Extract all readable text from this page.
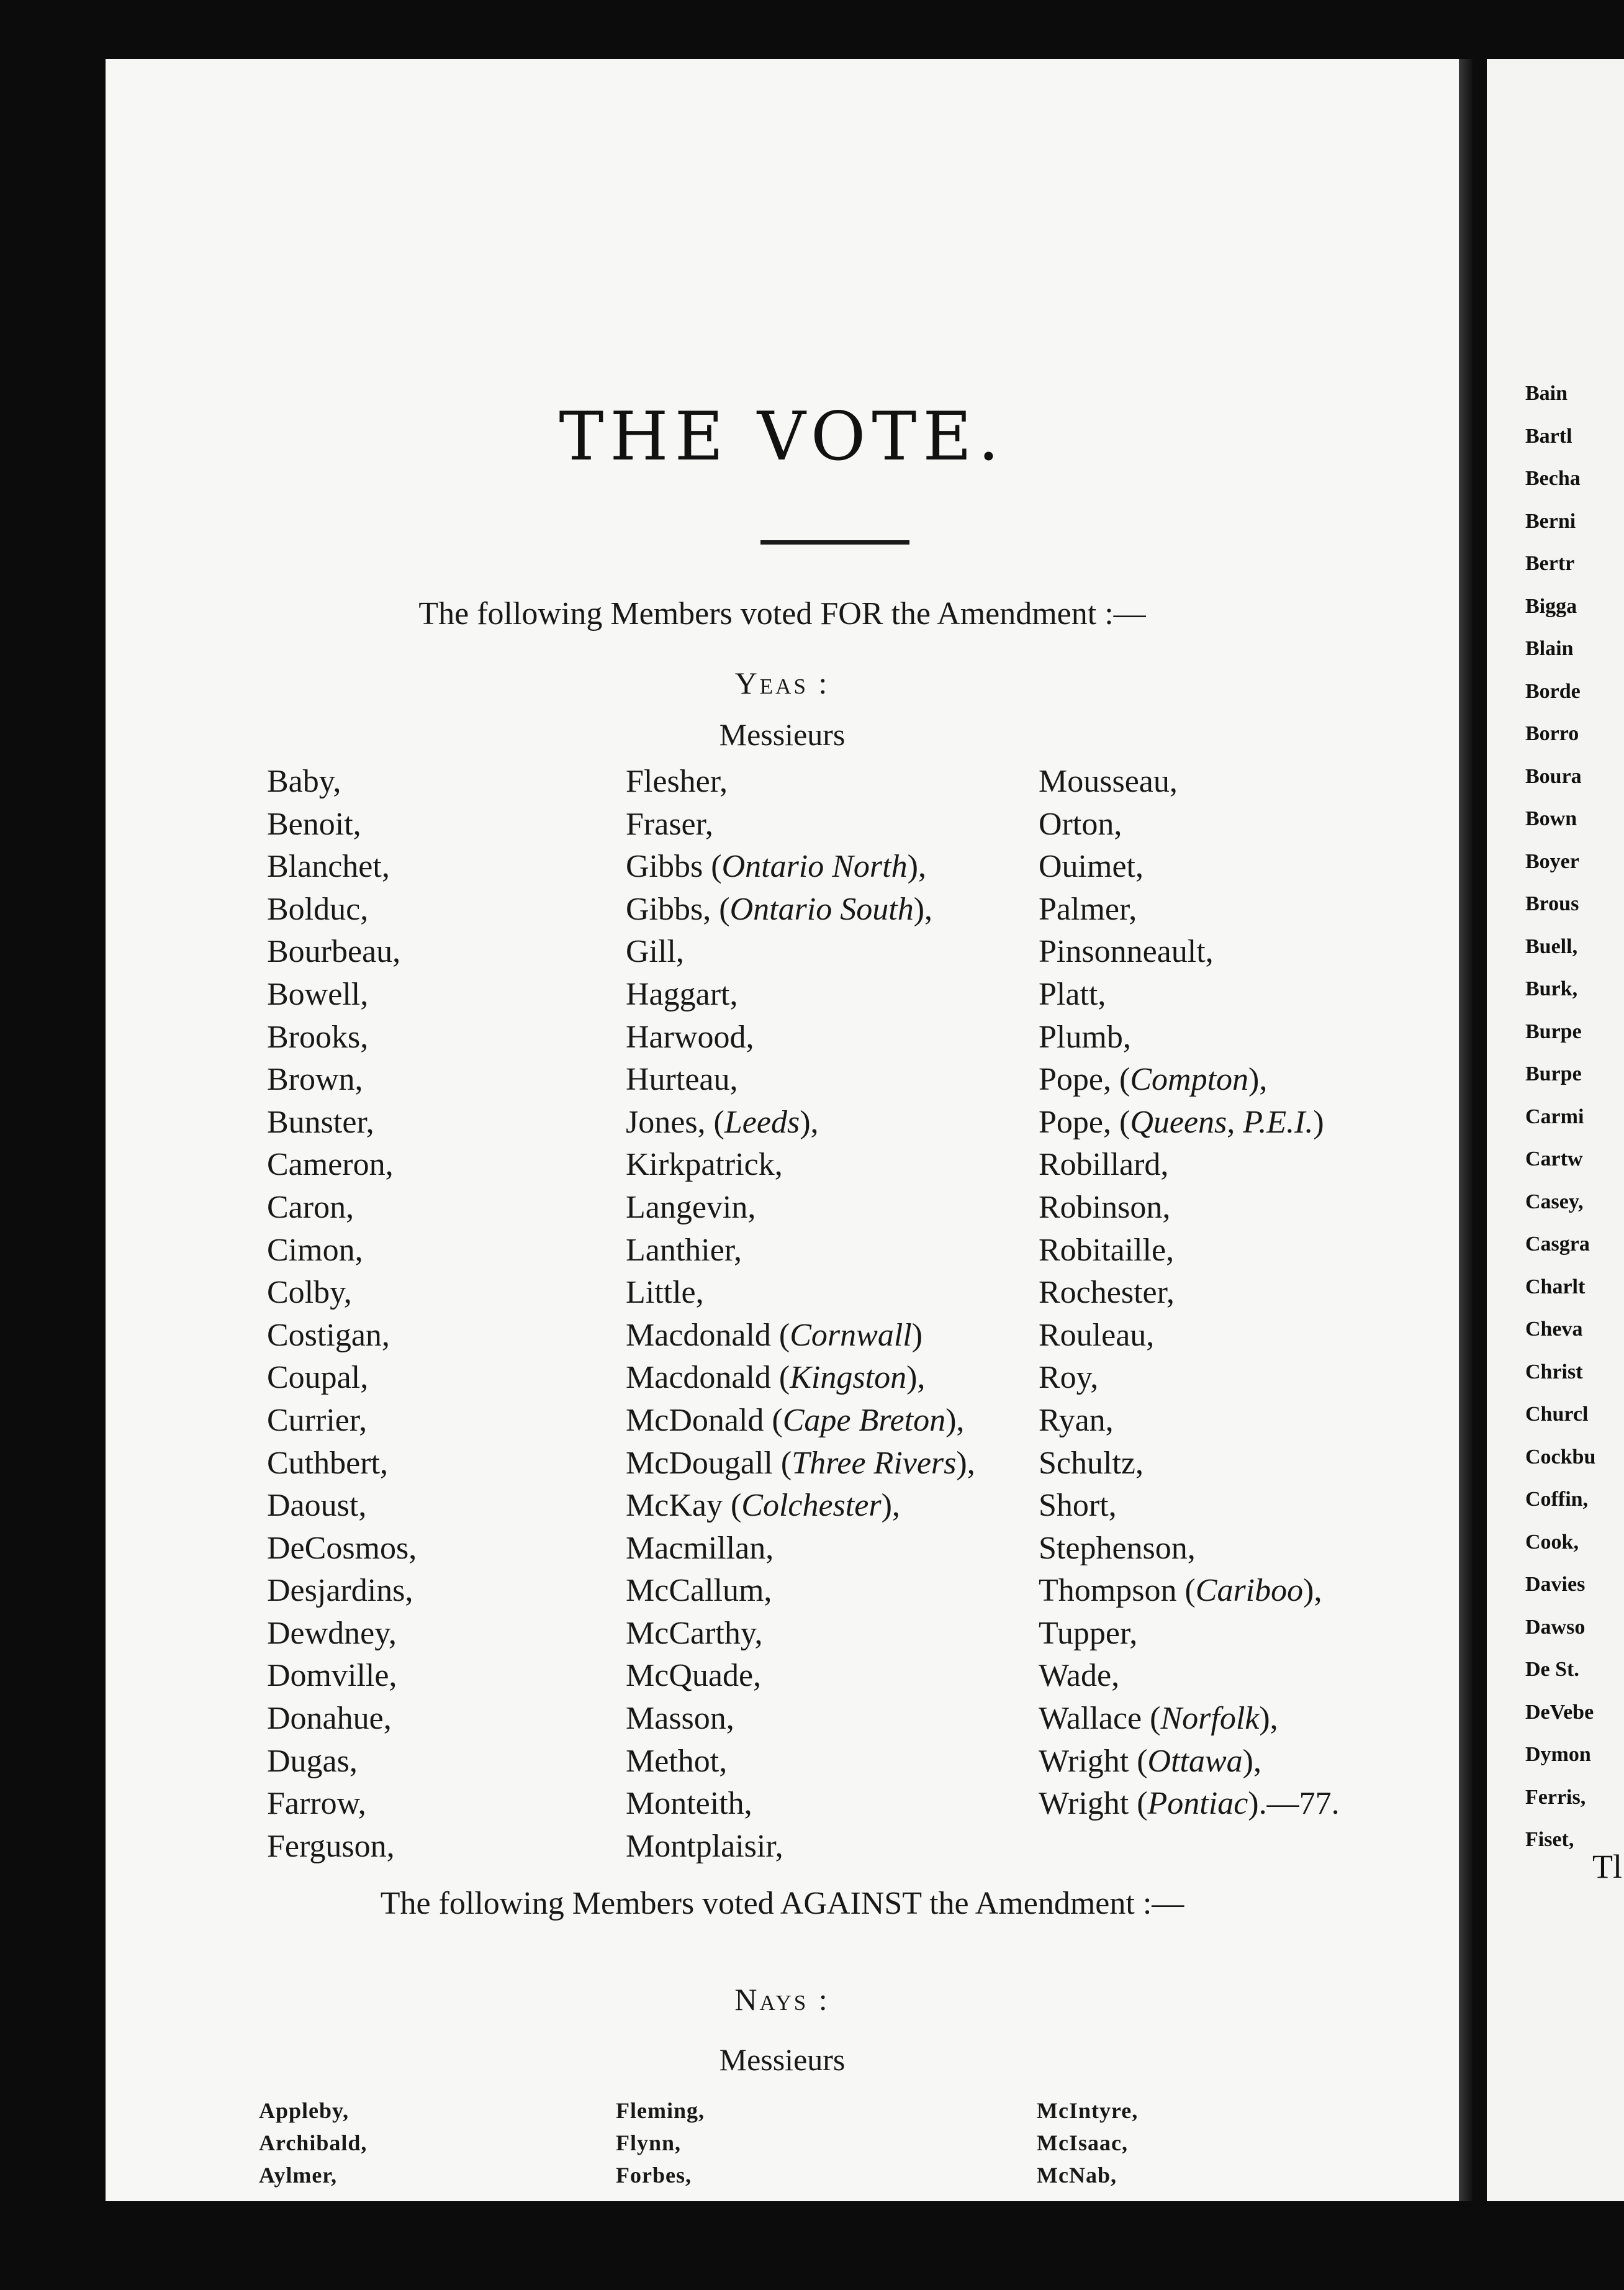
THE VOTE.
The following Members voted FOR the Amendment :—
Yeas :
Messieurs
Baby,
Benoit,
Blanchet,
Bolduc,
Bourbeau,
Bowell,
Brooks,
Brown,
Bunster,
Cameron,
Caron,
Cimon,
Colby,
Costigan,
Coupal,
Currier,
Cuthbert,
Daoust,
DeCosmos,
Desjardins,
Dewdney,
Domville,
Donahue,
Dugas,
Farrow,
Ferguson,
Flesher,
Fraser,
Gibbs (Ontario North),
Gibbs, (Ontario South),
Gill,
Haggart,
Harwood,
Hurteau,
Jones, (Leeds),
Kirkpatrick,
Langevin,
Lanthier,
Little,
Macdonald (Cornwall)
Macdonald (Kingston),
McDonald (Cape Breton),
McDougall (Three Rivers),
McKay (Colchester),
Macmillan,
McCallum,
McCarthy,
McQuade,
Masson,
Methot,
Monteith,
Montplaisir,
Mousseau,
Orton,
Ouimet,
Palmer,
Pinsonneault,
Platt,
Plumb,
Pope, (Compton),
Pope, (Queens, P.E.I.)
Robillard,
Robinson,
Robitaille,
Rochester,
Rouleau,
Roy,
Ryan,
Schultz,
Short,
Stephenson,
Thompson (Cariboo),
Tupper,
Wade,
Wallace (Norfolk),
Wright (Ottawa),
Wright (Pontiac).—77.
The following Members voted AGAINST the Amendment :—
Nays :
Messieurs
Appleby,
Archibald,
Aylmer,
Fleming,
Flynn,
Forbes,
McIntyre,
McIsaac,
McNab,
Tl
Bain
Bartl
Becha
Berni
Bertr
Bigga
Blain
Borde
Borro
Boura
Bown
Boyer
Brous
Buell,
Burk,
Burpe
Burpe
Carmi
Cartw
Casey,
Casgra
Charlt
Cheva
Christ
Churcl
Cockbu
Coffin,
Cook,
Davies
Dawso
De St.
DeVebe
Dymon
Ferris,
Fiset,
